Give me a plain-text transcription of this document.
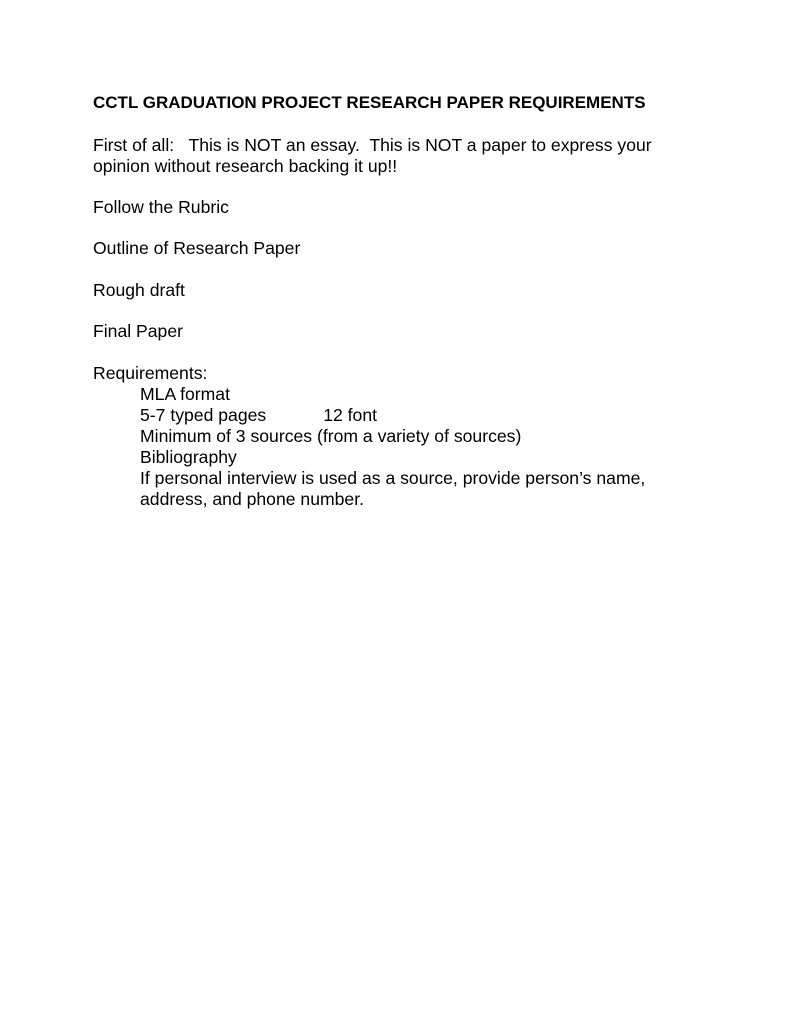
CCTL GRADUATION PROJECT RESEARCH PAPER REQUIREMENTS
First of all:   This is NOT an essay.  This is NOT a paper to express your
opinion without research backing it up!!
Follow the Rubric
Outline of Research Paper
Rough draft
Final Paper
Requirements:
MLA format
5-7 typed pages	12 font
Minimum of 3 sources (from a variety of sources)
Bibliography
If personal interview is used as a source, provide person’s name,
address, and phone number.
